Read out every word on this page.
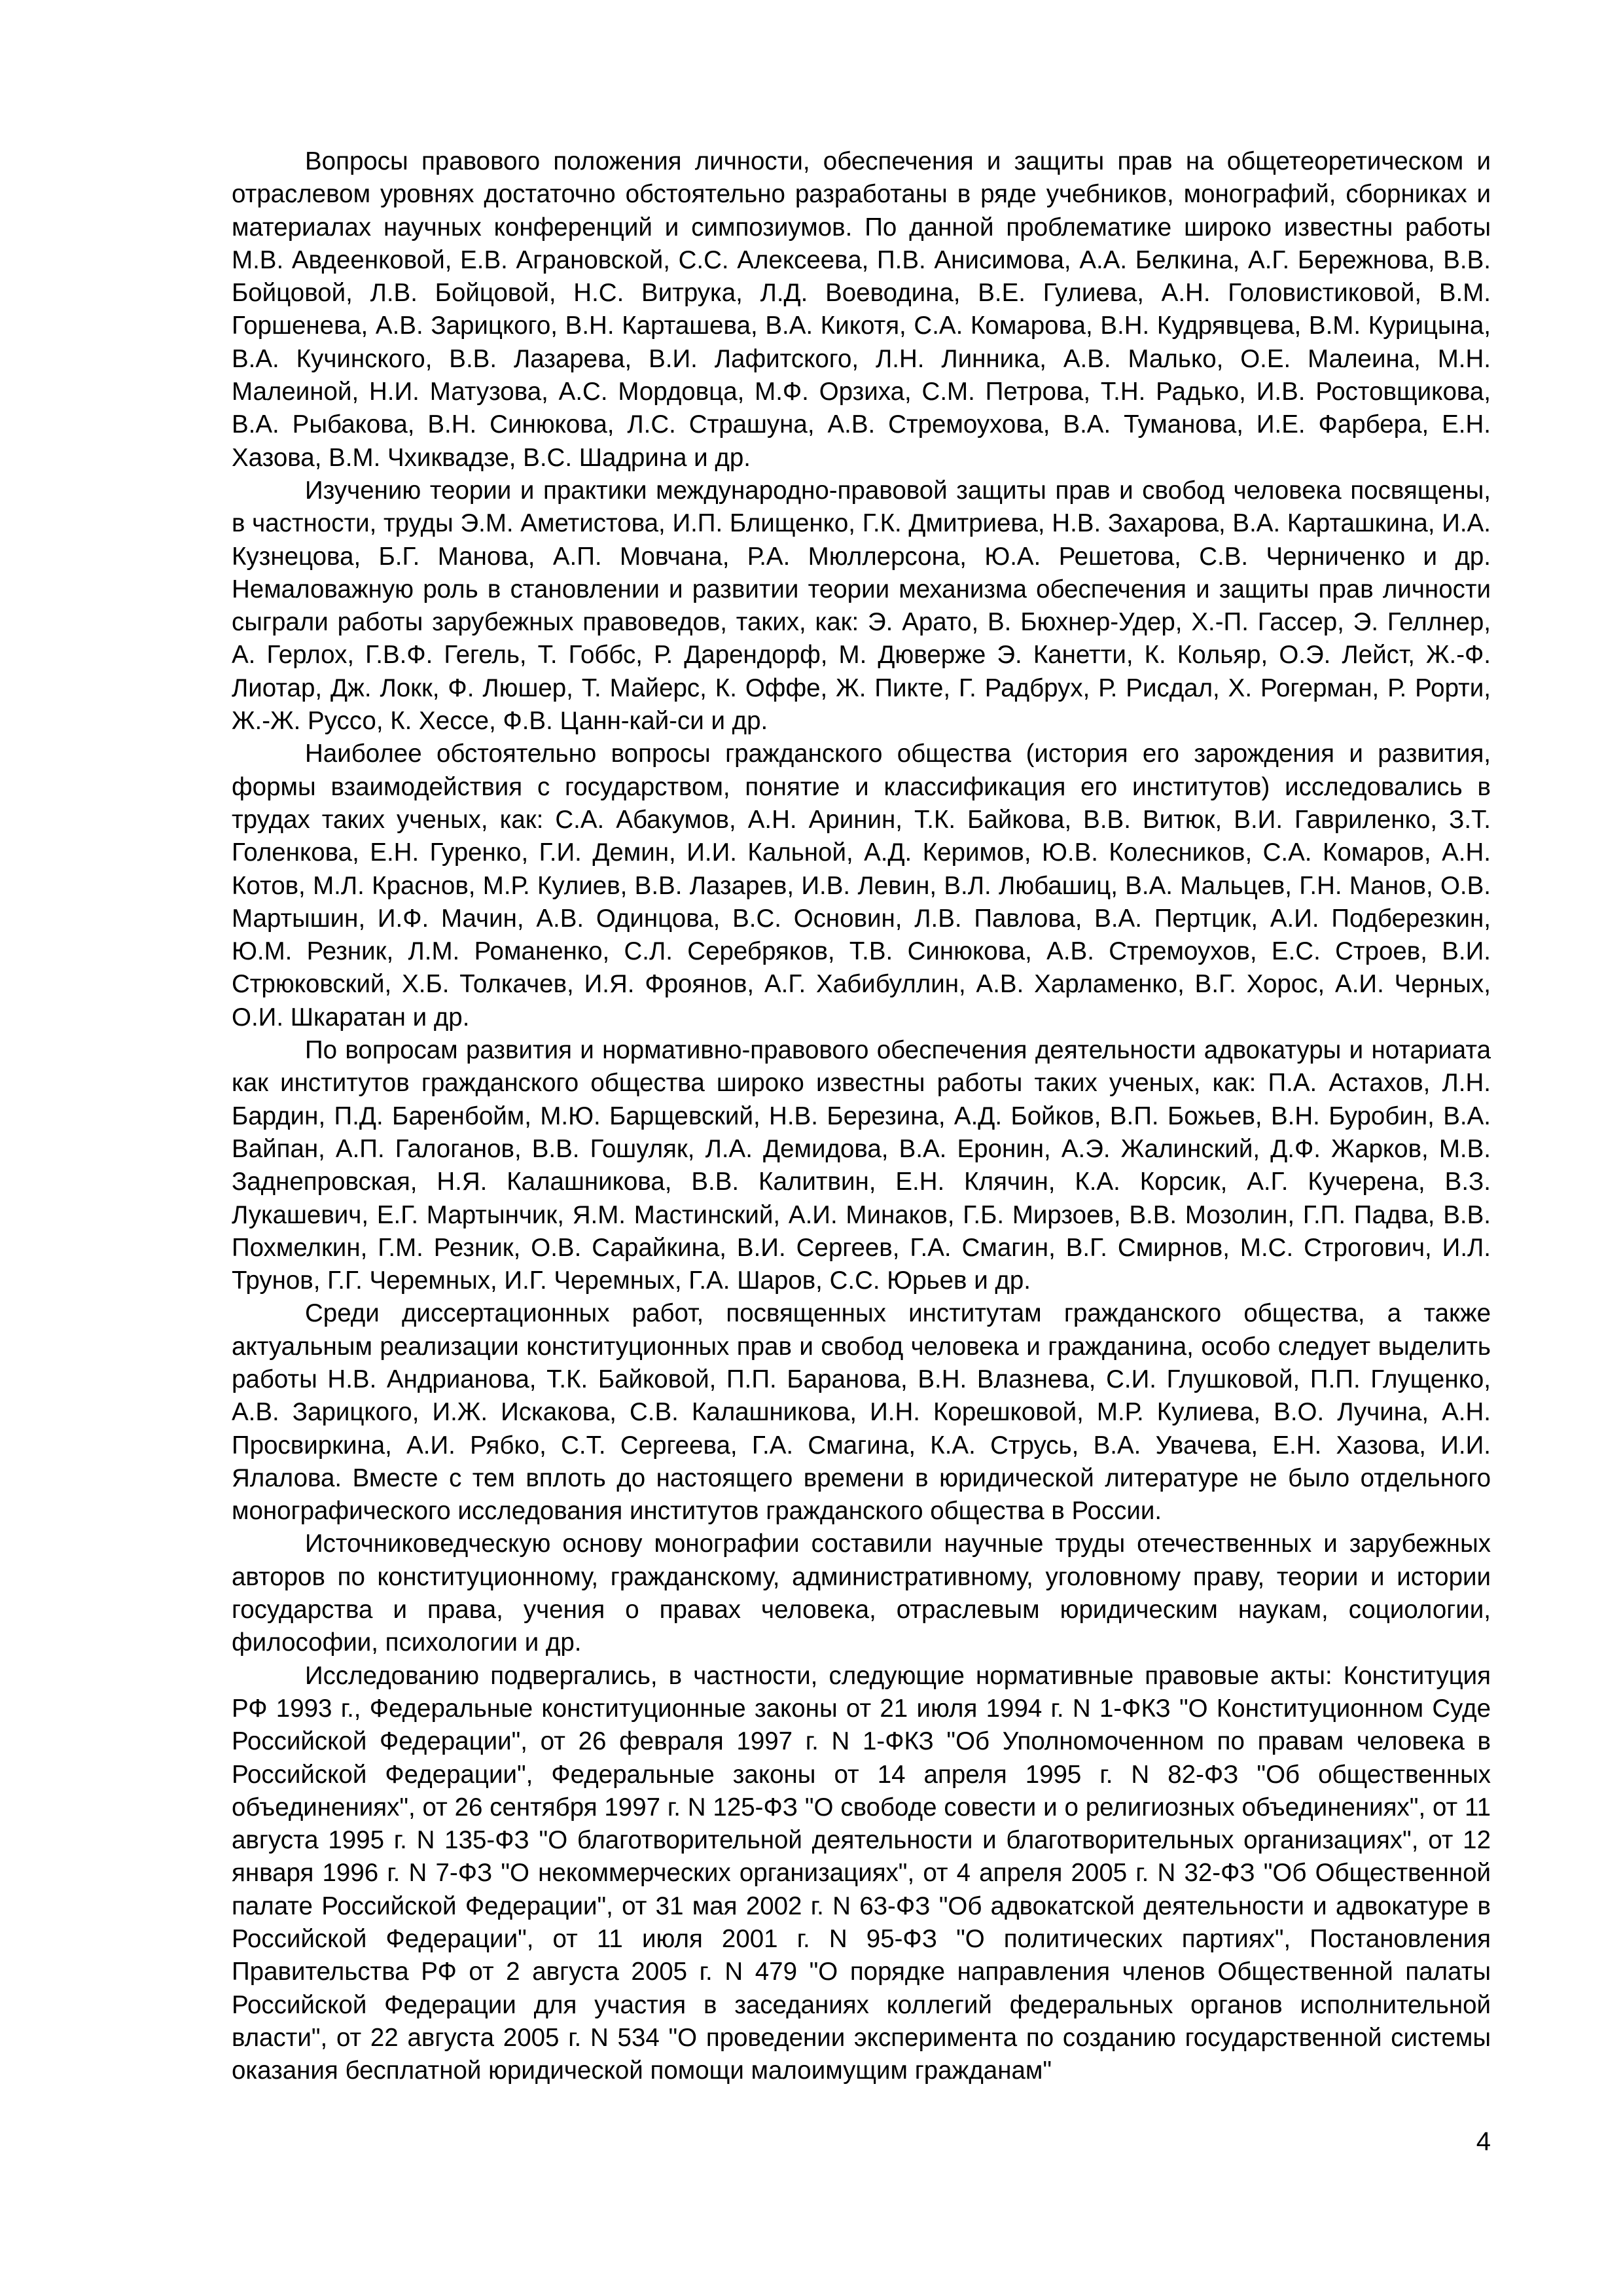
Вопросы правового положения личности, обеспечения и защиты прав на общетеоретическом и отраслевом уровнях достаточно обстоятельно разработаны в ряде учебников, монографий, сборниках и материалах научных конференций и симпозиумов. По данной проблематике широко известны работы М.В. Авдеенковой, Е.В. Аграновской, С.С. Алексеева, П.В. Анисимова, А.А. Белкина, А.Г. Бережнова, В.В. Бойцовой, Л.В. Бойцовой, Н.С. Витрука, Л.Д. Воеводина, В.Е. Гулиева, А.Н. Головистиковой, В.М. Горшенева, А.В. Зарицкого, В.Н. Карташева, В.А. Кикотя, С.А. Комарова, В.Н. Кудрявцева, В.М. Курицына, В.А. Кучинского, В.В. Лазарева, В.И. Лафитского, Л.Н. Линника, А.В. Малько, О.Е. Малеина, М.Н. Малеиной, Н.И. Матузова, А.С. Мордовца, М.Ф. Орзиха, С.М. Петрова, Т.Н. Радько, И.В. Ростовщикова, В.А. Рыбакова, В.Н. Синюкова, Л.С. Страшуна, А.В. Стремоухова, В.А. Туманова, И.Е. Фарбера, Е.Н. Хазова, В.М. Чхиквадзе, В.С. Шадрина и др.

Изучению теории и практики международно-правовой защиты прав и свобод человека посвящены, в частности, труды Э.М. Аметистова, И.П. Блищенко, Г.К. Дмитриева, Н.В. Захарова, В.А. Карташкина, И.А. Кузнецова, Б.Г. Манова, А.П. Мовчана, Р.А. Мюллерсона, Ю.А. Решетова, С.В. Черниченко и др. Немаловажную роль в становлении и развитии теории механизма обеспечения и защиты прав личности сыграли работы зарубежных правоведов, таких, как: Э. Арато, В. Бюхнер-Удер, Х.-П. Гассер, Э. Геллнер, А. Герлох, Г.В.Ф. Гегель, Т. Гоббс, Р. Дарендорф, М. Дюверже Э. Канетти, К. Кольяр, О.Э. Лейст, Ж.-Ф. Лиотар, Дж. Локк, Ф. Люшер, Т. Майерс, К. Оффе, Ж. Пикте, Г. Радбрух, Р. Рисдал, Х. Рогерман, Р. Рорти, Ж.-Ж. Руссо, К. Хессе, Ф.В. Цанн-кай-си и др.

Наиболее обстоятельно вопросы гражданского общества (история его зарождения и развития, формы взаимодействия с государством, понятие и классификация его институтов) исследовались в трудах таких ученых, как: С.А. Абакумов, А.Н. Аринин, Т.К. Байкова, В.В. Витюк, В.И. Гавриленко, З.Т. Голенкова, Е.Н. Гуренко, Г.И. Демин, И.И. Кальной, А.Д. Керимов, Ю.В. Колесников, С.А. Комаров, А.Н. Котов, М.Л. Краснов, М.Р. Кулиев, В.В. Лазарев, И.В. Левин, В.Л. Любашиц, В.А. Мальцев, Г.Н. Манов, О.В. Мартышин, И.Ф. Мачин, А.В. Одинцова, В.С. Основин, Л.В. Павлова, В.А. Пертцик, А.И. Подберезкин, Ю.М. Резник, Л.М. Романенко, С.Л. Серебряков, Т.В. Синюкова, А.В. Стремоухов, Е.С. Строев, В.И. Стрюковский, Х.Б. Толкачев, И.Я. Фроянов, А.Г. Хабибуллин, А.В. Харламенко, В.Г. Хорос, А.И. Черных, О.И. Шкаратан и др.

По вопросам развития и нормативно-правового обеспечения деятельности адвокатуры и нотариата как институтов гражданского общества широко известны работы таких ученых, как: П.А. Астахов, Л.Н. Бардин, П.Д. Баренбойм, М.Ю. Барщевский, Н.В. Березина, А.Д. Бойков, В.П. Божьев, В.Н. Буробин, В.А. Вайпан, А.П. Галоганов, В.В. Гошуляк, Л.А. Демидова, В.А. Еронин, А.Э. Жалинский, Д.Ф. Жарков, М.В. Заднепровская, Н.Я. Калашникова, В.В. Калитвин, Е.Н. Клячин, К.А. Корсик, А.Г. Кучерена, В.З. Лукашевич, Е.Г. Мартынчик, Я.М. Мастинский, А.И. Минаков, Г.Б. Мирзоев, В.В. Мозолин, Г.П. Падва, В.В. Похмелкин, Г.М. Резник, О.В. Сарайкина, В.И. Сергеев, Г.А. Смагин, В.Г. Смирнов, М.С. Строгович, И.Л. Трунов, Г.Г. Черемных, И.Г. Черемных, Г.А. Шаров, С.С. Юрьев и др.

Среди диссертационных работ, посвященных институтам гражданского общества, а также актуальным реализации конституционных прав и свобод человека и гражданина, особо следует выделить работы Н.В. Андрианова, Т.К. Байковой, П.П. Баранова, В.Н. Влазнева, С.И. Глушковой, П.П. Глущенко, А.В. Зарицкого, И.Ж. Искакова, С.В. Калашникова, И.Н. Корешковой, М.Р. Кулиева, В.О. Лучина, А.Н. Просвиркина, А.И. Рябко, С.Т. Сергеева, Г.А. Смагина, К.А. Струсь, В.А. Увачева, Е.Н. Хазова, И.И. Ялалова. Вместе с тем вплоть до настоящего времени в юридической литературе не было отдельного монографического исследования институтов гражданского общества в России.

Источниковедческую основу монографии составили научные труды отечественных и зарубежных авторов по конституционному, гражданскому, административному, уголовному праву, теории и истории государства и права, учения о правах человека, отраслевым юридическим наукам, социологии, философии, психологии и др.

Исследованию подвергались, в частности, следующие нормативные правовые акты: Конституция РФ 1993 г., Федеральные конституционные законы от 21 июля 1994 г. N 1-ФКЗ "О Конституционном Суде Российской Федерации", от 26 февраля 1997 г. N 1-ФКЗ "Об Уполномоченном по правам человека в Российской Федерации", Федеральные законы от 14 апреля 1995 г. N 82-ФЗ "Об общественных объединениях", от 26 сентября 1997 г. N 125-ФЗ "О свободе совести и о религиозных объединениях", от 11 августа 1995 г. N 135-ФЗ "О благотворительной деятельности и благотворительных организациях", от 12 января 1996 г. N 7-ФЗ "О некоммерческих организациях", от 4 апреля 2005 г. N 32-ФЗ "Об Общественной палате Российской Федерации", от 31 мая 2002 г. N 63-ФЗ "Об адвокатской деятельности и адвокатуре в Российской Федерации", от 11 июля 2001 г. N 95-ФЗ "О политических партиях", Постановления Правительства РФ от 2 августа 2005 г. N 479 "О порядке направления членов Общественной палаты Российской Федерации для участия в заседаниях коллегий федеральных органов исполнительной власти", от 22 августа 2005 г. N 534 "О проведении эксперимента по созданию государственной системы оказания бесплатной юридической помощи малоимущим гражданам"

4
